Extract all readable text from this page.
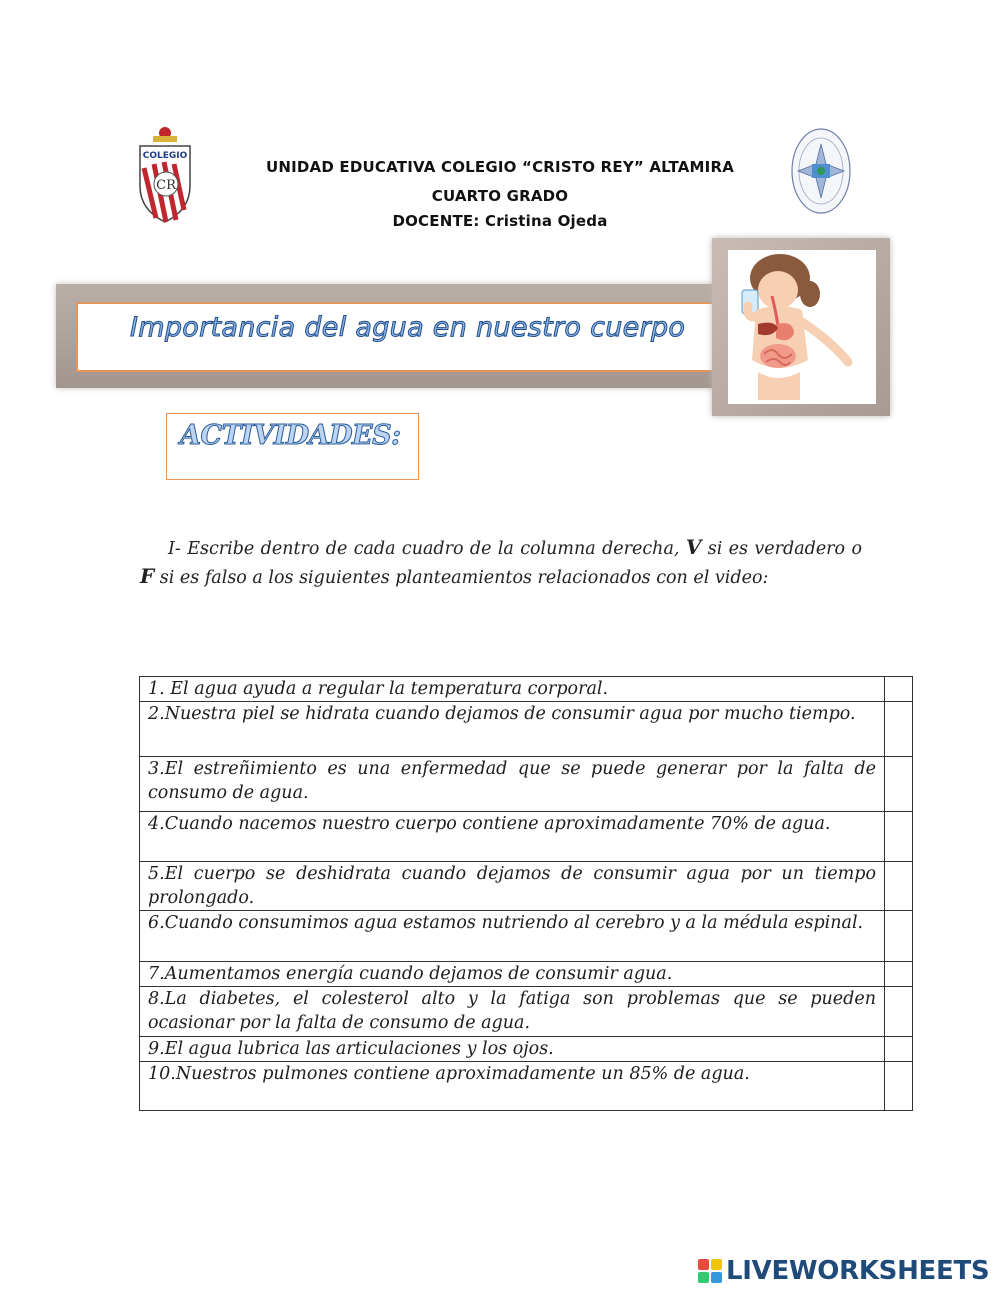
COLEGIO
CR
UNIDAD EDUCATIVA COLEGIO “CRISTO REY” ALTAMIRA
CUARTO GRADO
DOCENTE: Cristina Ojeda
Importancia del agua en nuestro cuerpo
ACTIVIDADES:
I- Escribe dentro de cada cuadro de la columna derecha, V si es verdadero o F si es falso a los siguientes planteamientos relacionados con el video:
1. El agua ayuda a regular la temperatura corporal.	
2.Nuestra piel se hidrata cuando dejamos de consumir agua por mucho tiempo.	
3.El estreñimiento es una enfermedad que se puede generar por la falta de consumo de agua.	
4.Cuando nacemos nuestro cuerpo contiene aproximadamente 70% de agua.	
5.El cuerpo se deshidrata cuando dejamos de consumir agua por un tiempo prolongado.	
6.Cuando consumimos agua estamos nutriendo al cerebro y a la médula espinal.	
7.Aumentamos energía cuando dejamos de consumir agua.	
8.La diabetes, el colesterol alto y la fatiga son problemas que se pueden ocasionar por la falta de consumo de agua.	
9.El agua lubrica las articulaciones y los ojos.	
10.Nuestros pulmones contiene aproximadamente un 85% de agua.	
LIVEWORKSHEETS
